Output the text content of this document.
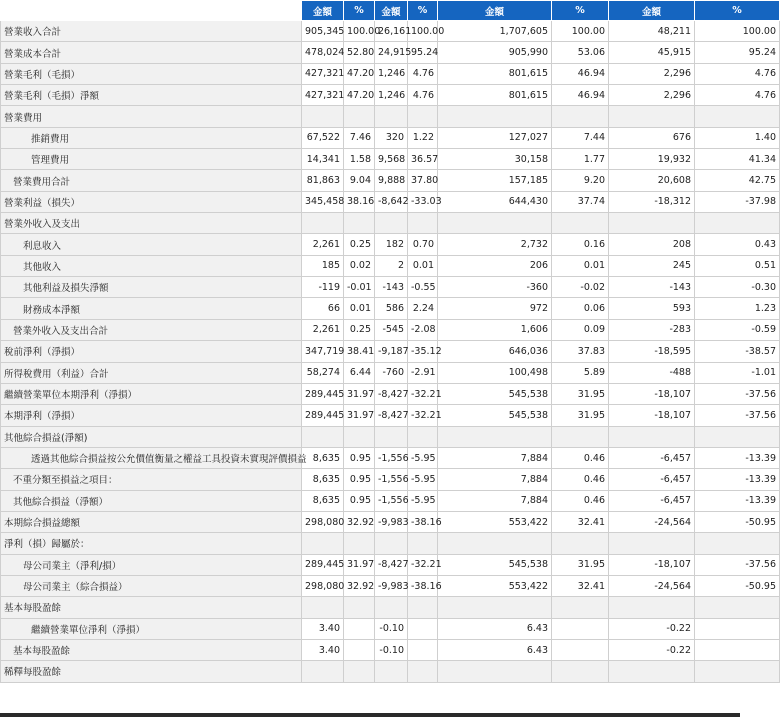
	金額	%	金額	%	金額	%	金額	%
營業收入合計	905,345	100.00	26,161	100.00	1,707,605	100.00	48,211	100.00
營業成本合計	478,024	52.80	24,915	95.24	905,990	53.06	45,915	95.24
營業毛利（毛損）	427,321	47.20	1,246	4.76	801,615	46.94	2,296	4.76
營業毛利（毛損）淨額	427,321	47.20	1,246	4.76	801,615	46.94	2,296	4.76
營業費用								
推銷費用	67,522	7.46	320	1.22	127,027	7.44	676	1.40
管理費用	14,341	1.58	9,568	36.57	30,158	1.77	19,932	41.34
營業費用合計	81,863	9.04	9,888	37.80	157,185	9.20	20,608	42.75
營業利益（損失）	345,458	38.16	-8,642	-33.03	644,430	37.74	-18,312	-37.98
營業外收入及支出								
利息收入	2,261	0.25	182	0.70	2,732	0.16	208	0.43
其他收入	185	0.02	2	0.01	206	0.01	245	0.51
其他利益及損失淨額	-119	-0.01	-143	-0.55	-360	-0.02	-143	-0.30
財務成本淨額	66	0.01	586	2.24	972	0.06	593	1.23
營業外收入及支出合計	2,261	0.25	-545	-2.08	1,606	0.09	-283	-0.59
稅前淨利（淨損）	347,719	38.41	-9,187	-35.12	646,036	37.83	-18,595	-38.57
所得稅費用（利益）合計	58,274	6.44	-760	-2.91	100,498	5.89	-488	-1.01
繼續營業單位本期淨利（淨損）	289,445	31.97	-8,427	-32.21	545,538	31.95	-18,107	-37.56
本期淨利（淨損）	289,445	31.97	-8,427	-32.21	545,538	31.95	-18,107	-37.56
其他綜合損益(淨額)								
透過其他綜合損益按公允價值衡量之權益工具投資未實現評價損益	8,635	0.95	-1,556	-5.95	7,884	0.46	-6,457	-13.39
不重分類至損益之項目：	8,635	0.95	-1,556	-5.95	7,884	0.46	-6,457	-13.39
其他綜合損益（淨額）	8,635	0.95	-1,556	-5.95	7,884	0.46	-6,457	-13.39
本期綜合損益總額	298,080	32.92	-9,983	-38.16	553,422	32.41	-24,564	-50.95
淨利（損）歸屬於：								
母公司業主（淨利/損）	289,445	31.97	-8,427	-32.21	545,538	31.95	-18,107	-37.56
母公司業主（綜合損益）	298,080	32.92	-9,983	-38.16	553,422	32.41	-24,564	-50.95
基本每股盈餘								
繼續營業單位淨利（淨損）	3.40		-0.10		6.43		-0.22	
基本每股盈餘	3.40		-0.10		6.43		-0.22	
稀釋每股盈餘								
